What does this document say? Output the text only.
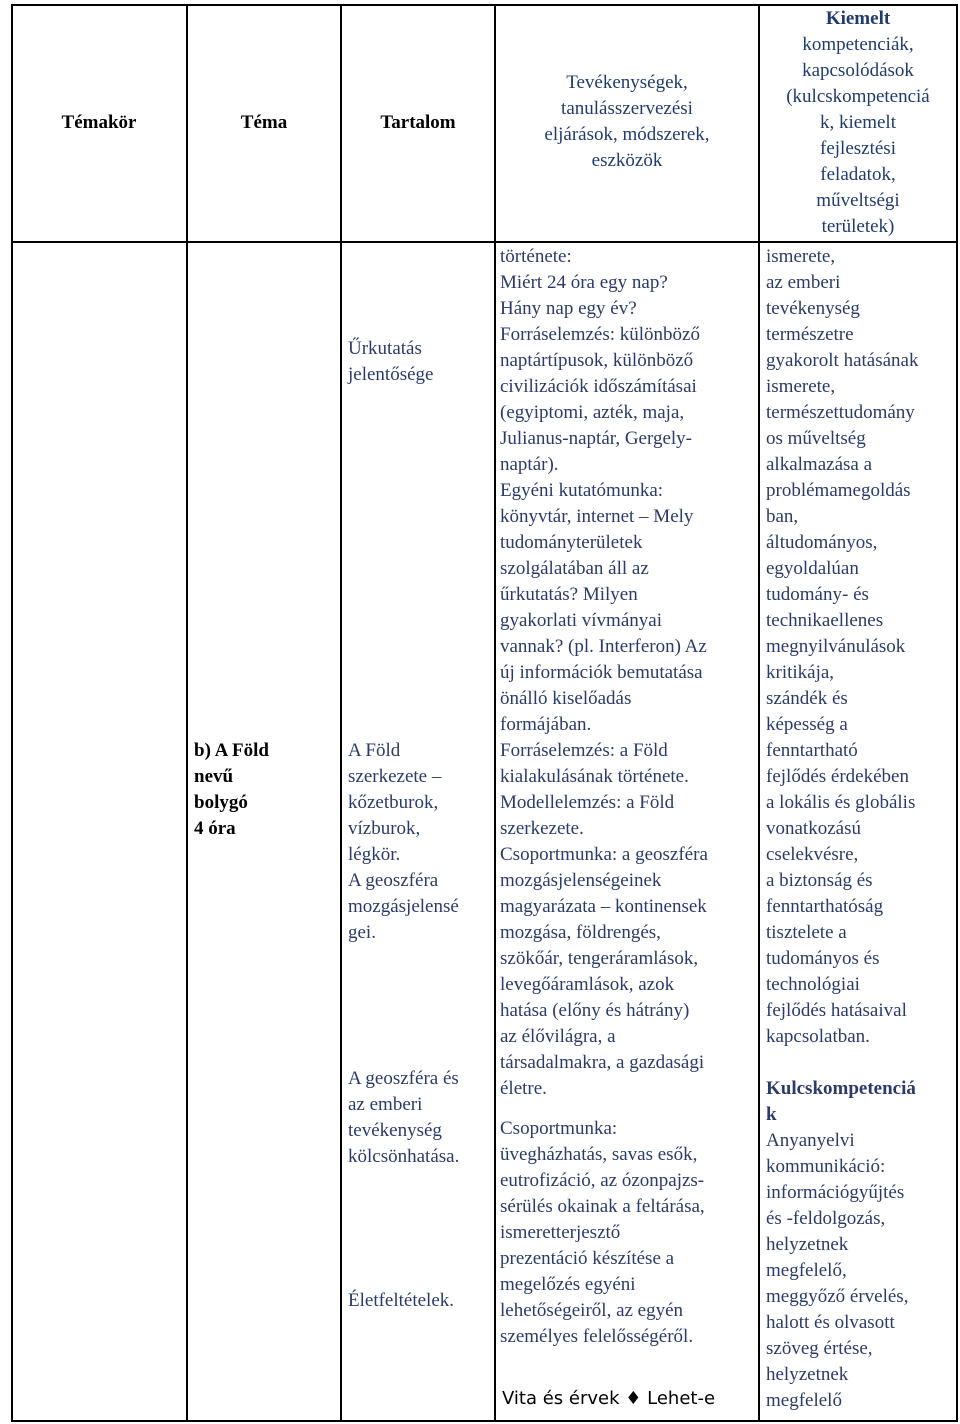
Témakör	Téma	Tartalom
Tevékenységek,
tanulásszervezési
eljárások, módszerek,
eszközök
Kiemelt
kompetenciák,
kapcsolódások
(kulcskompetenciá
k, kiemelt
fejlesztési
feladatok,
műveltségi
területek)
b) A Föld
nevű
bolygó
4 óra
Űrkutatás
jelentősége
A Föld
szerkezete –
kőzetburok,
vízburok,
légkör.
A geoszféra
mozgásjelensé
gei.
A geoszféra és
az emberi
tevékenység
kölcsönhatása.
Életfeltételek.
története:
Miért 24 óra egy nap?
Hány nap egy év?
Forráselemzés: különböző
naptártípusok, különböző
civilizációk időszámításai
(egyiptomi, azték, maja,
Julianus-naptár, Gergely-
naptár).
Egyéni kutatómunka:
könyvtár, internet – Mely
tudományterületek
szolgálatában áll az
űrkutatás? Milyen
gyakorlati vívmányai
vannak? (pl. Interferon) Az
új információk bemutatása
önálló kiselőadás
formájában.
Forráselemzés: a Föld
kialakulásának története.
Modellelemzés: a Föld
szerkezete.
Csoportmunka: a geoszféra
mozgásjelenségeinek
magyarázata – kontinensek
mozgása, földrengés,
szökőár, tengeráramlások,
levegőáramlások, azok
hatása (előny és hátrány)
az élővilágra, a
társadalmakra, a gazdasági
életre.
Csoportmunka:
üvegházhatás, savas esők,
eutrofizáció, az ózonpajzs-
sérülés okainak a feltárása,
ismeretterjesztő
prezentáció készítése a
megelőzés egyéni
lehetőségeiről, az egyén
személyes felelősségéről.
ismerete,
az emberi
tevékenység
természetre
gyakorolt hatásának
ismerete,
természettudomány
os műveltség
alkalmazása a
problémamegoldás
ban,
áltudományos,
egyoldalúan
tudomány- és
technikaellenes
megnyilvánulások
kritikája,
szándék és
képesség a
fenntartható
fejlődés érdekében
a lokális és globális
vonatkozású
cselekvésre,
a biztonság és
fenntarthatóság
tisztelete a
tudományos és
technológiai
fejlődés hatásaival
kapcsolatban.
Kulcskompetenciá
k
Anyanyelvi
kommunikáció:
információgyűjtés
és -feldolgozás,
helyzetnek
megfelelő,
meggyőző érvelés,
halott és olvasott
szöveg értése,
helyzetnek
megfelelő
Vita és érvek ♦ Lehet-e
